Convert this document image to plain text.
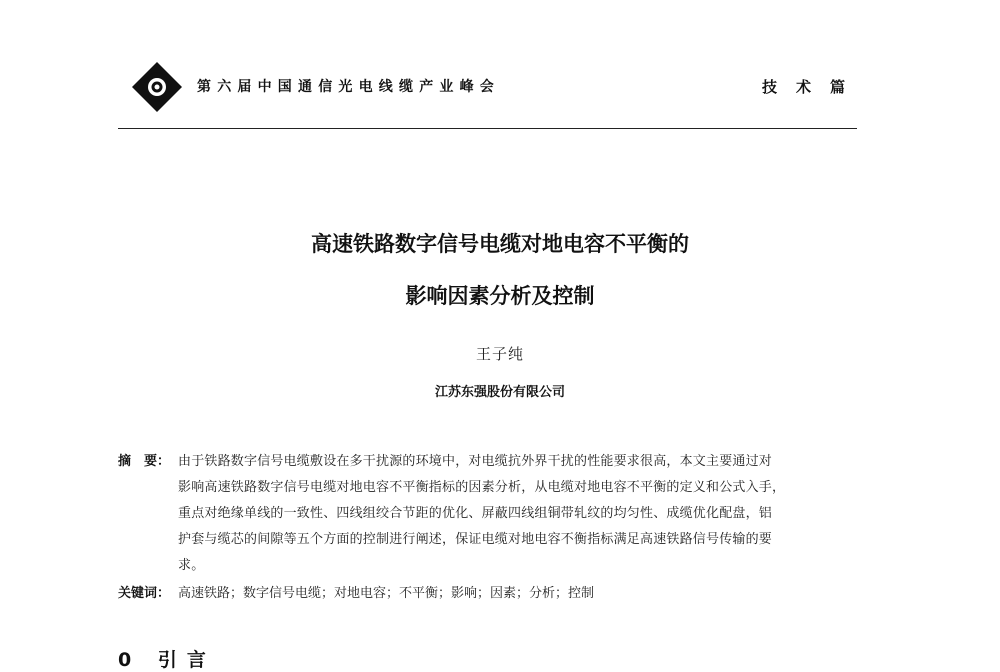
第六届中国通信光电线缆产业峰会	技术篇
高速铁路数字信号电缆对地电容不平衡的
影响因素分析及控制
王子纯
江苏东强股份有限公司
摘　要： 由于铁路数字信号电缆敷设在多干扰源的环境中，对电缆抗外界干扰的性能要求很高，本文主要通过对
影响高速铁路数字信号电缆对地电容不平衡指标的因素分析，从电缆对地电容不平衡的定义和公式入手，
重点对绝缘单线的一致性、四线组绞合节距的优化、屏蔽四线组铜带轧纹的均匀性、成缆优化配盘，铝
护套与缆芯的间隙等五个方面的控制进行阐述，保证电缆对地电容不衡指标满足高速铁路信号传输的要
求。
关键词： 高速铁路；数字信号电缆；对地电容；不平衡；影响；因素；分析；控制
0 引言
